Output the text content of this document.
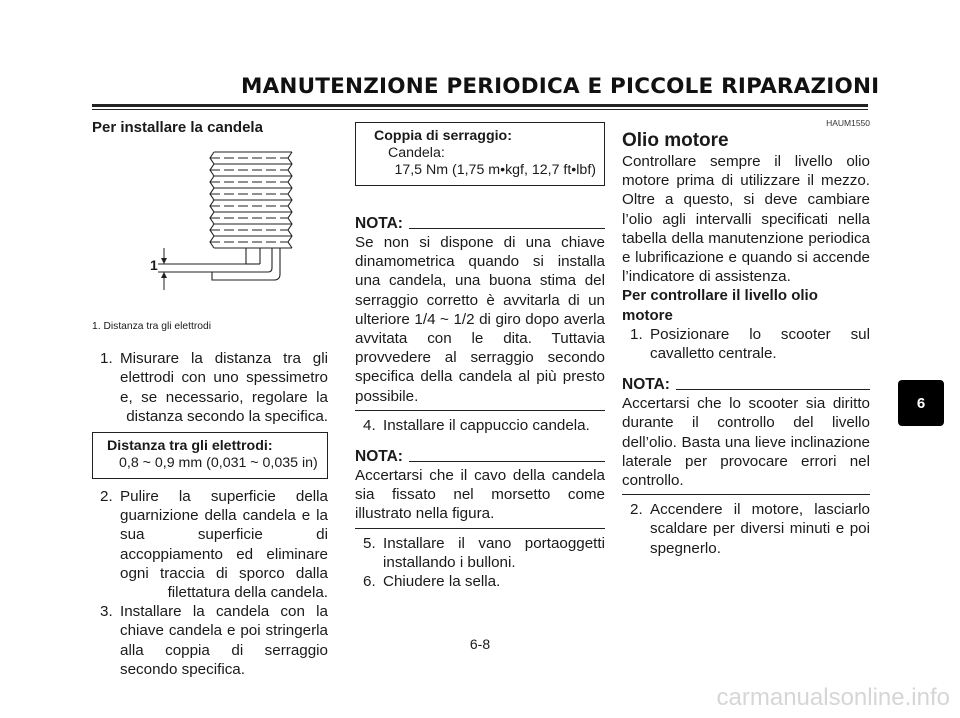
MANUTENZIONE PERIODICA E PICCOLE RIPARAZIONI

Per installare la candela

1

1. Distanza tra gli elettrodi

1. Misurare la distanza tra gli elettrodi con uno spessimetro e, se necessario, regolare la distanza secondo la specifica.
Distanza tra gli elettrodi:
0,8 ~ 0,9 mm (0,031 ~ 0,035 in)
2. Pulire la superficie della guarnizione della candela e la sua superficie di accoppiamento ed eliminare ogni traccia di sporco dalla filettatura della candela.
3. Installare la candela con la chiave candela e poi stringerla alla coppia di serraggio secondo specifica.
Coppia di serraggio:
Candela:
17,5 Nm (1,75 m•kgf, 12,7 ft•lbf)
NOTA:

Se non si dispone di una chiave dinamometrica quando si installa una candela, una buona stima del serraggio corretto è avvitarla di un ulteriore 1/4 ~ 1/2 di giro dopo averla avvitata con le dita. Tuttavia provvedere al serraggio secondo specifica della candela al più presto possibile.

4. Installare il cappuccio candela.
NOTA:

Accertarsi che il cavo della candela sia fissato nel morsetto come illustrato nella figura.

5. Installare il vano portaoggetti installando i bulloni.
6. Chiudere la sella.
HAUM1550
Olio motore

Controllare sempre il livello olio motore prima di utilizzare il mezzo. Oltre a questo, si deve cambiare l’olio agli intervalli specificati nella tabella della manutenzione periodica e lubrificazione e quando si accende l’indicatore di assistenza.

Per controllare il livello olio motore

1. Posizionare lo scooter sul cavalletto centrale.
NOTA:

Accertarsi che lo scooter sia diritto durante il controllo del livello dell’olio. Basta una lieve inclinazione laterale per provocare errori nel controllo.

2. Accendere il motore, lasciarlo scaldare per diversi minuti e poi spegnerlo.
6
6-8
carmanualsonline.info
